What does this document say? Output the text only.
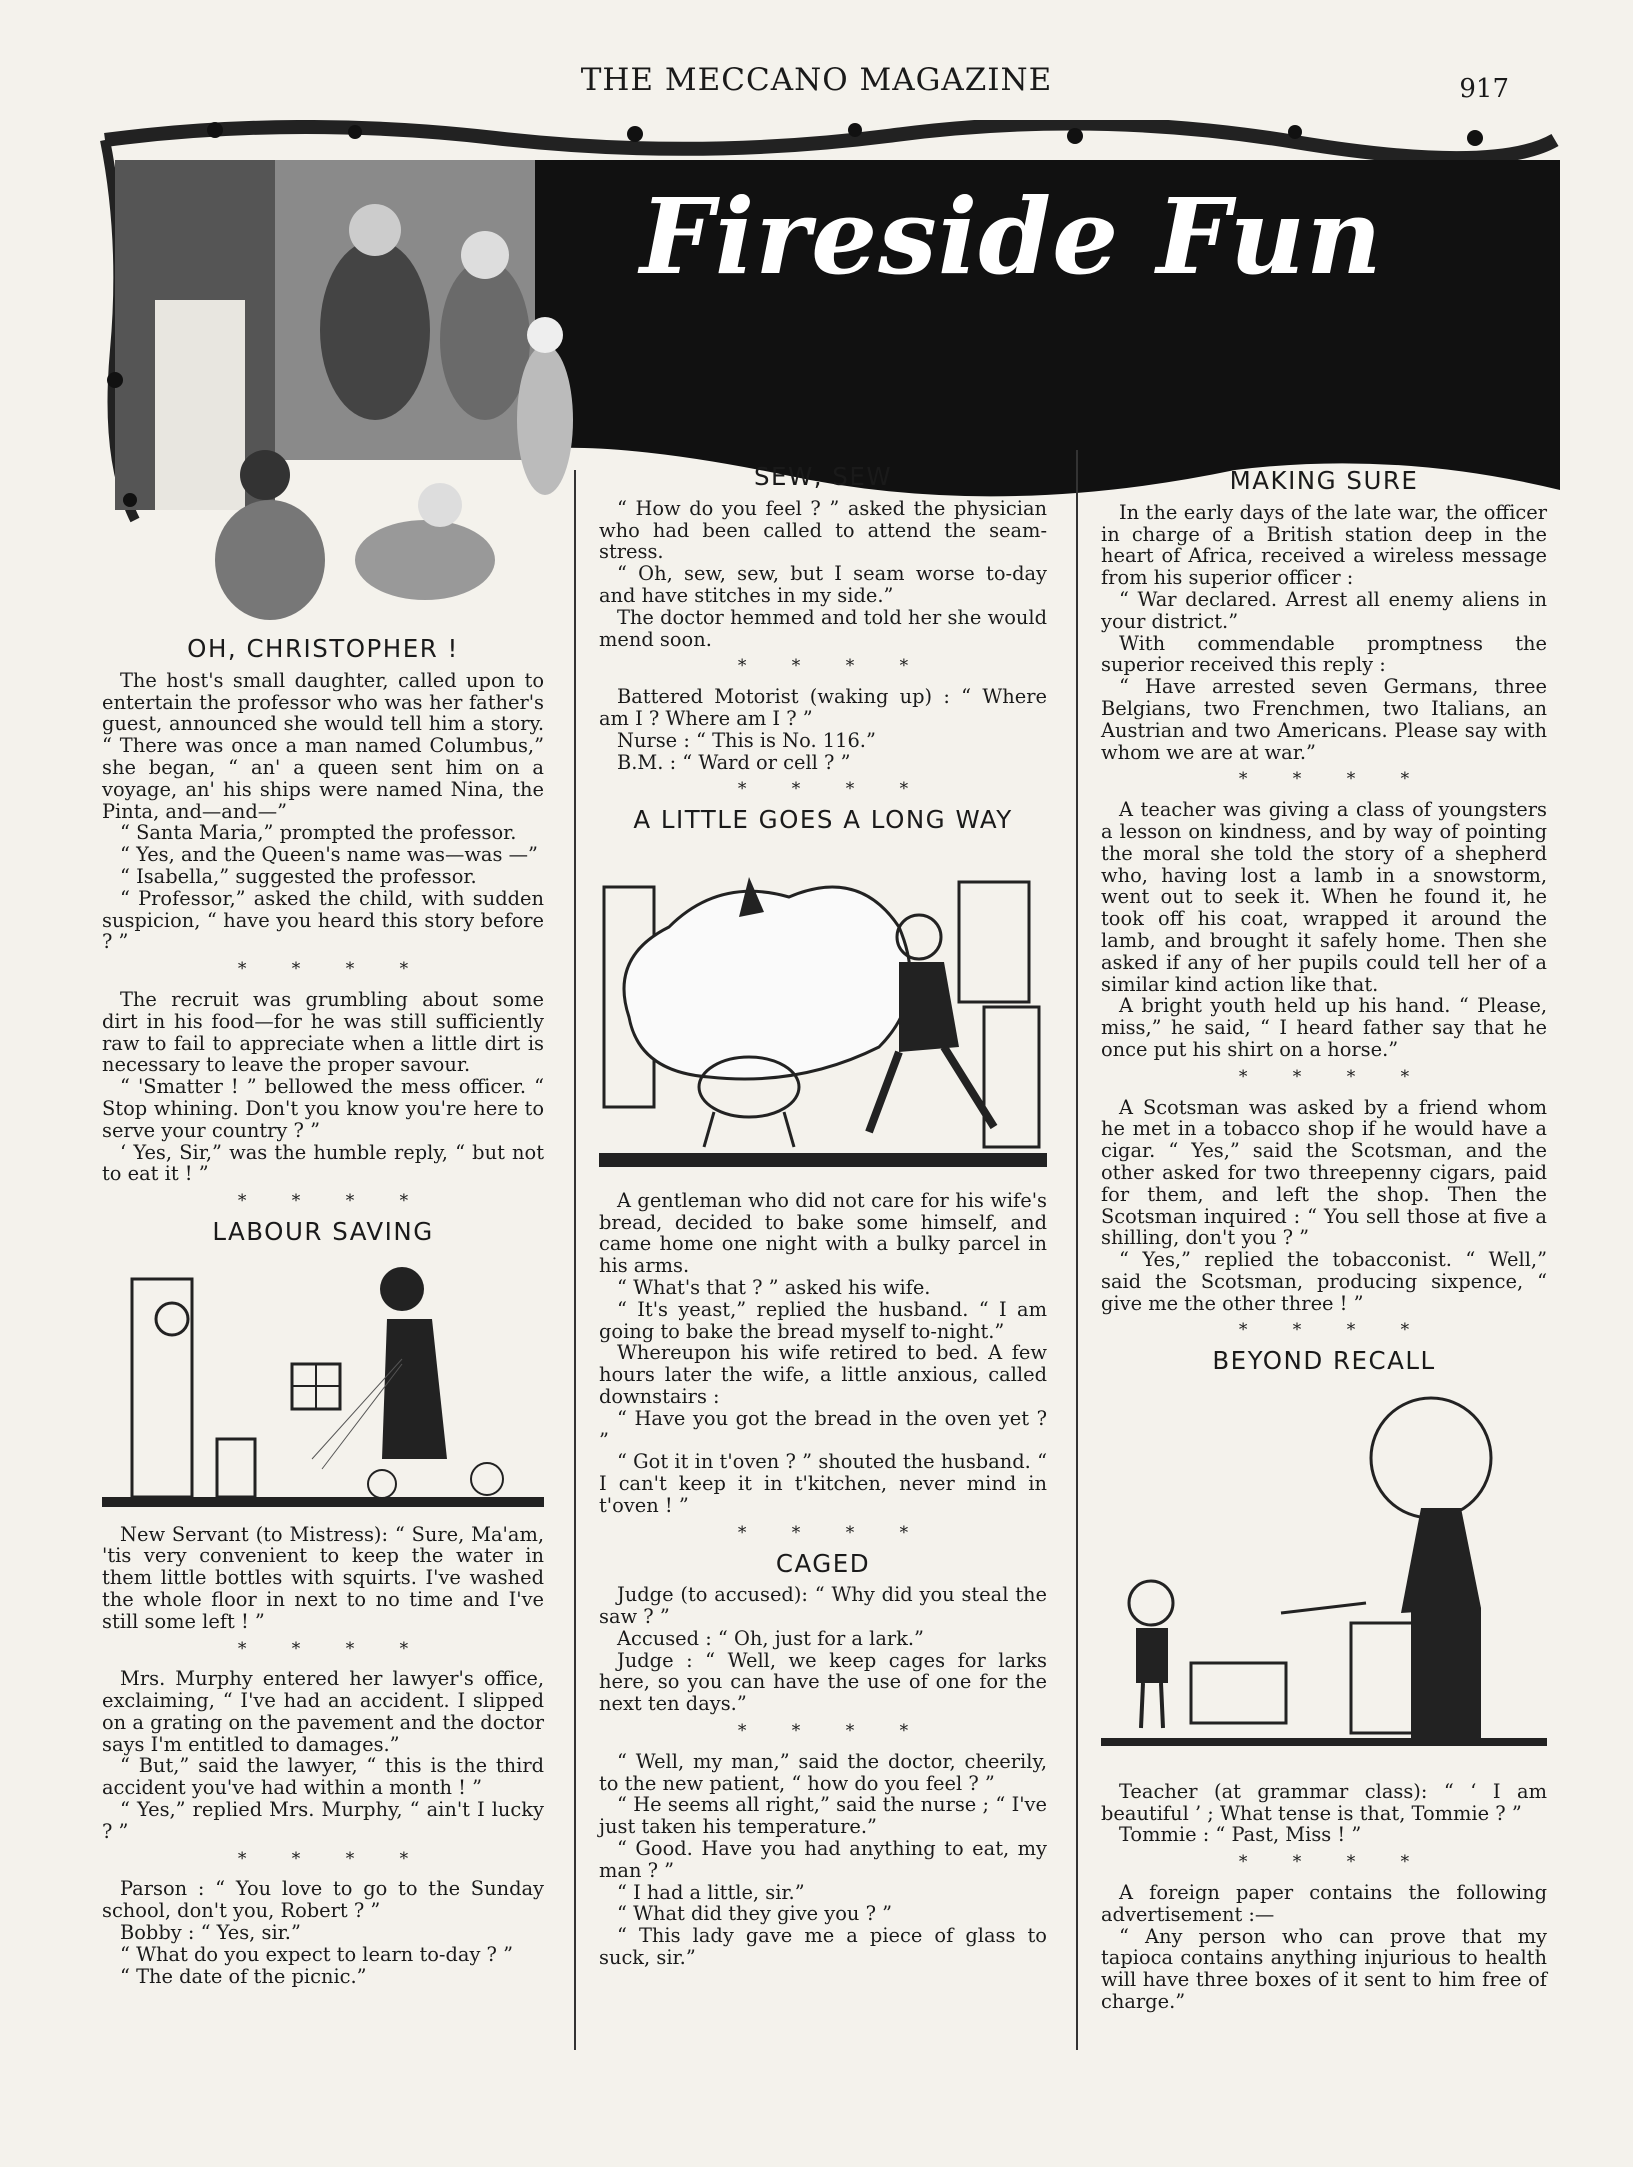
THE MECCANO MAGAZINE	917
Fireside Fun
OH, CHRISTOPHER !

The host's small daughter, called upon to entertain the professor who was her father's guest, announced she would tell him a story. “ There was once a man named Columbus,” she began, “ an' a queen sent him on a voyage, an' his ships were named Nina, the Pinta, and—and—”

“ Santa Maria,” prompted the professor.

“ Yes, and the Queen's name was—was —”

“ Isabella,” suggested the professor.

“ Professor,” asked the child, with sudden suspicion, “ have you heard this story before ? ”

* * * *

The recruit was grumbling about some dirt in his food—for he was still sufficiently raw to fail to appreciate when a little dirt is necessary to leave the proper savour.

“ 'Smatter ! ” bellowed the mess officer. “ Stop whining. Don't you know you're here to serve your country ? ”

‘ Yes, Sir,” was the humble reply, “ but not to eat it ! ”

* * * *
LABOUR SAVING

New Servant (to Mistress): “ Sure, Ma'am, 'tis very convenient to keep the water in them little bottles with squirts. I've washed the whole floor in next to no time and I've still some left ! ”

* * * *

Mrs. Murphy entered her lawyer's office, exclaiming, “ I've had an accident. I slipped on a grating on the pavement and the doctor says I'm entitled to damages.”

“ But,” said the lawyer, “ this is the third accident you've had within a month ! ”

“ Yes,” replied Mrs. Murphy, “ ain't I lucky ? ”

* * * *

Parson : “ You love to go to the Sunday school, don't you, Robert ? ”

Bobby : “ Yes, sir.”

“ What do you expect to learn to-day ? ”

“ The date of the picnic.”

SEW, SEW

“ How do you feel ? ” asked the physician who had been called to attend the seam-stress.

“ Oh, sew, sew, but I seam worse to-day and have stitches in my side.”

The doctor hemmed and told her she would mend soon.

* * * *

Battered Motorist (waking up) : “ Where am I ? Where am I ? ”

Nurse : “ This is No. 116.”

B.M. : “ Ward or cell ? ”

* * * *
A LITTLE GOES A LONG WAY

A gentleman who did not care for his wife's bread, decided to bake some himself, and came home one night with a bulky parcel in his arms.

“ What's that ? ” asked his wife.

“ It's yeast,” replied the husband. “ I am going to bake the bread myself to-night.”

Whereupon his wife retired to bed. A few hours later the wife, a little anxious, called downstairs :

“ Have you got the bread in the oven yet ? ”

“ Got it in t'oven ? ” shouted the husband. “ I can't keep it in t'kitchen, never mind in t'oven ! ”

* * * *
CAGED

Judge (to accused): “ Why did you steal the saw ? ”

Accused : “ Oh, just for a lark.”

Judge : “ Well, we keep cages for larks here, so you can have the use of one for the next ten days.”

* * * *

“ Well, my man,” said the doctor, cheerily, to the new patient, “ how do you feel ? ”

“ He seems all right,” said the nurse ; “ I've just taken his temperature.”

“ Good. Have you had anything to eat, my man ? ”

“ I had a little, sir.”

“ What did they give you ? ”

“ This lady gave me a piece of glass to suck, sir.”

MAKING SURE

In the early days of the late war, the officer in charge of a British station deep in the heart of Africa, received a wireless message from his superior officer :

“ War declared. Arrest all enemy aliens in your district.”

With commendable promptness the superior received this reply :

“ Have arrested seven Germans, three Belgians, two Frenchmen, two Italians, an Austrian and two Americans. Please say with whom we are at war.”

* * * *

A teacher was giving a class of youngsters a lesson on kindness, and by way of pointing the moral she told the story of a shepherd who, having lost a lamb in a snowstorm, went out to seek it. When he found it, he took off his coat, wrapped it around the lamb, and brought it safely home. Then she asked if any of her pupils could tell her of a similar kind action like that.

A bright youth held up his hand. “ Please, miss,” he said, “ I heard father say that he once put his shirt on a horse.”

* * * *

A Scotsman was asked by a friend whom he met in a tobacco shop if he would have a cigar. “ Yes,” said the Scotsman, and the other asked for two threepenny cigars, paid for them, and left the shop. Then the Scotsman inquired : “ You sell those at five a shilling, don't you ? ”

“ Yes,” replied the tobacconist. “ Well,” said the Scotsman, producing sixpence, “ give me the other three ! ”

* * * *
BEYOND RECALL

Teacher (at grammar class): “ ‘ I am beautiful ’ ; What tense is that, Tommie ? ”

Tommie : “ Past, Miss ! ”

* * * *

A foreign paper contains the following advertisement :—

“ Any person who can prove that my tapioca contains anything injurious to health will have three boxes of it sent to him free of charge.”
